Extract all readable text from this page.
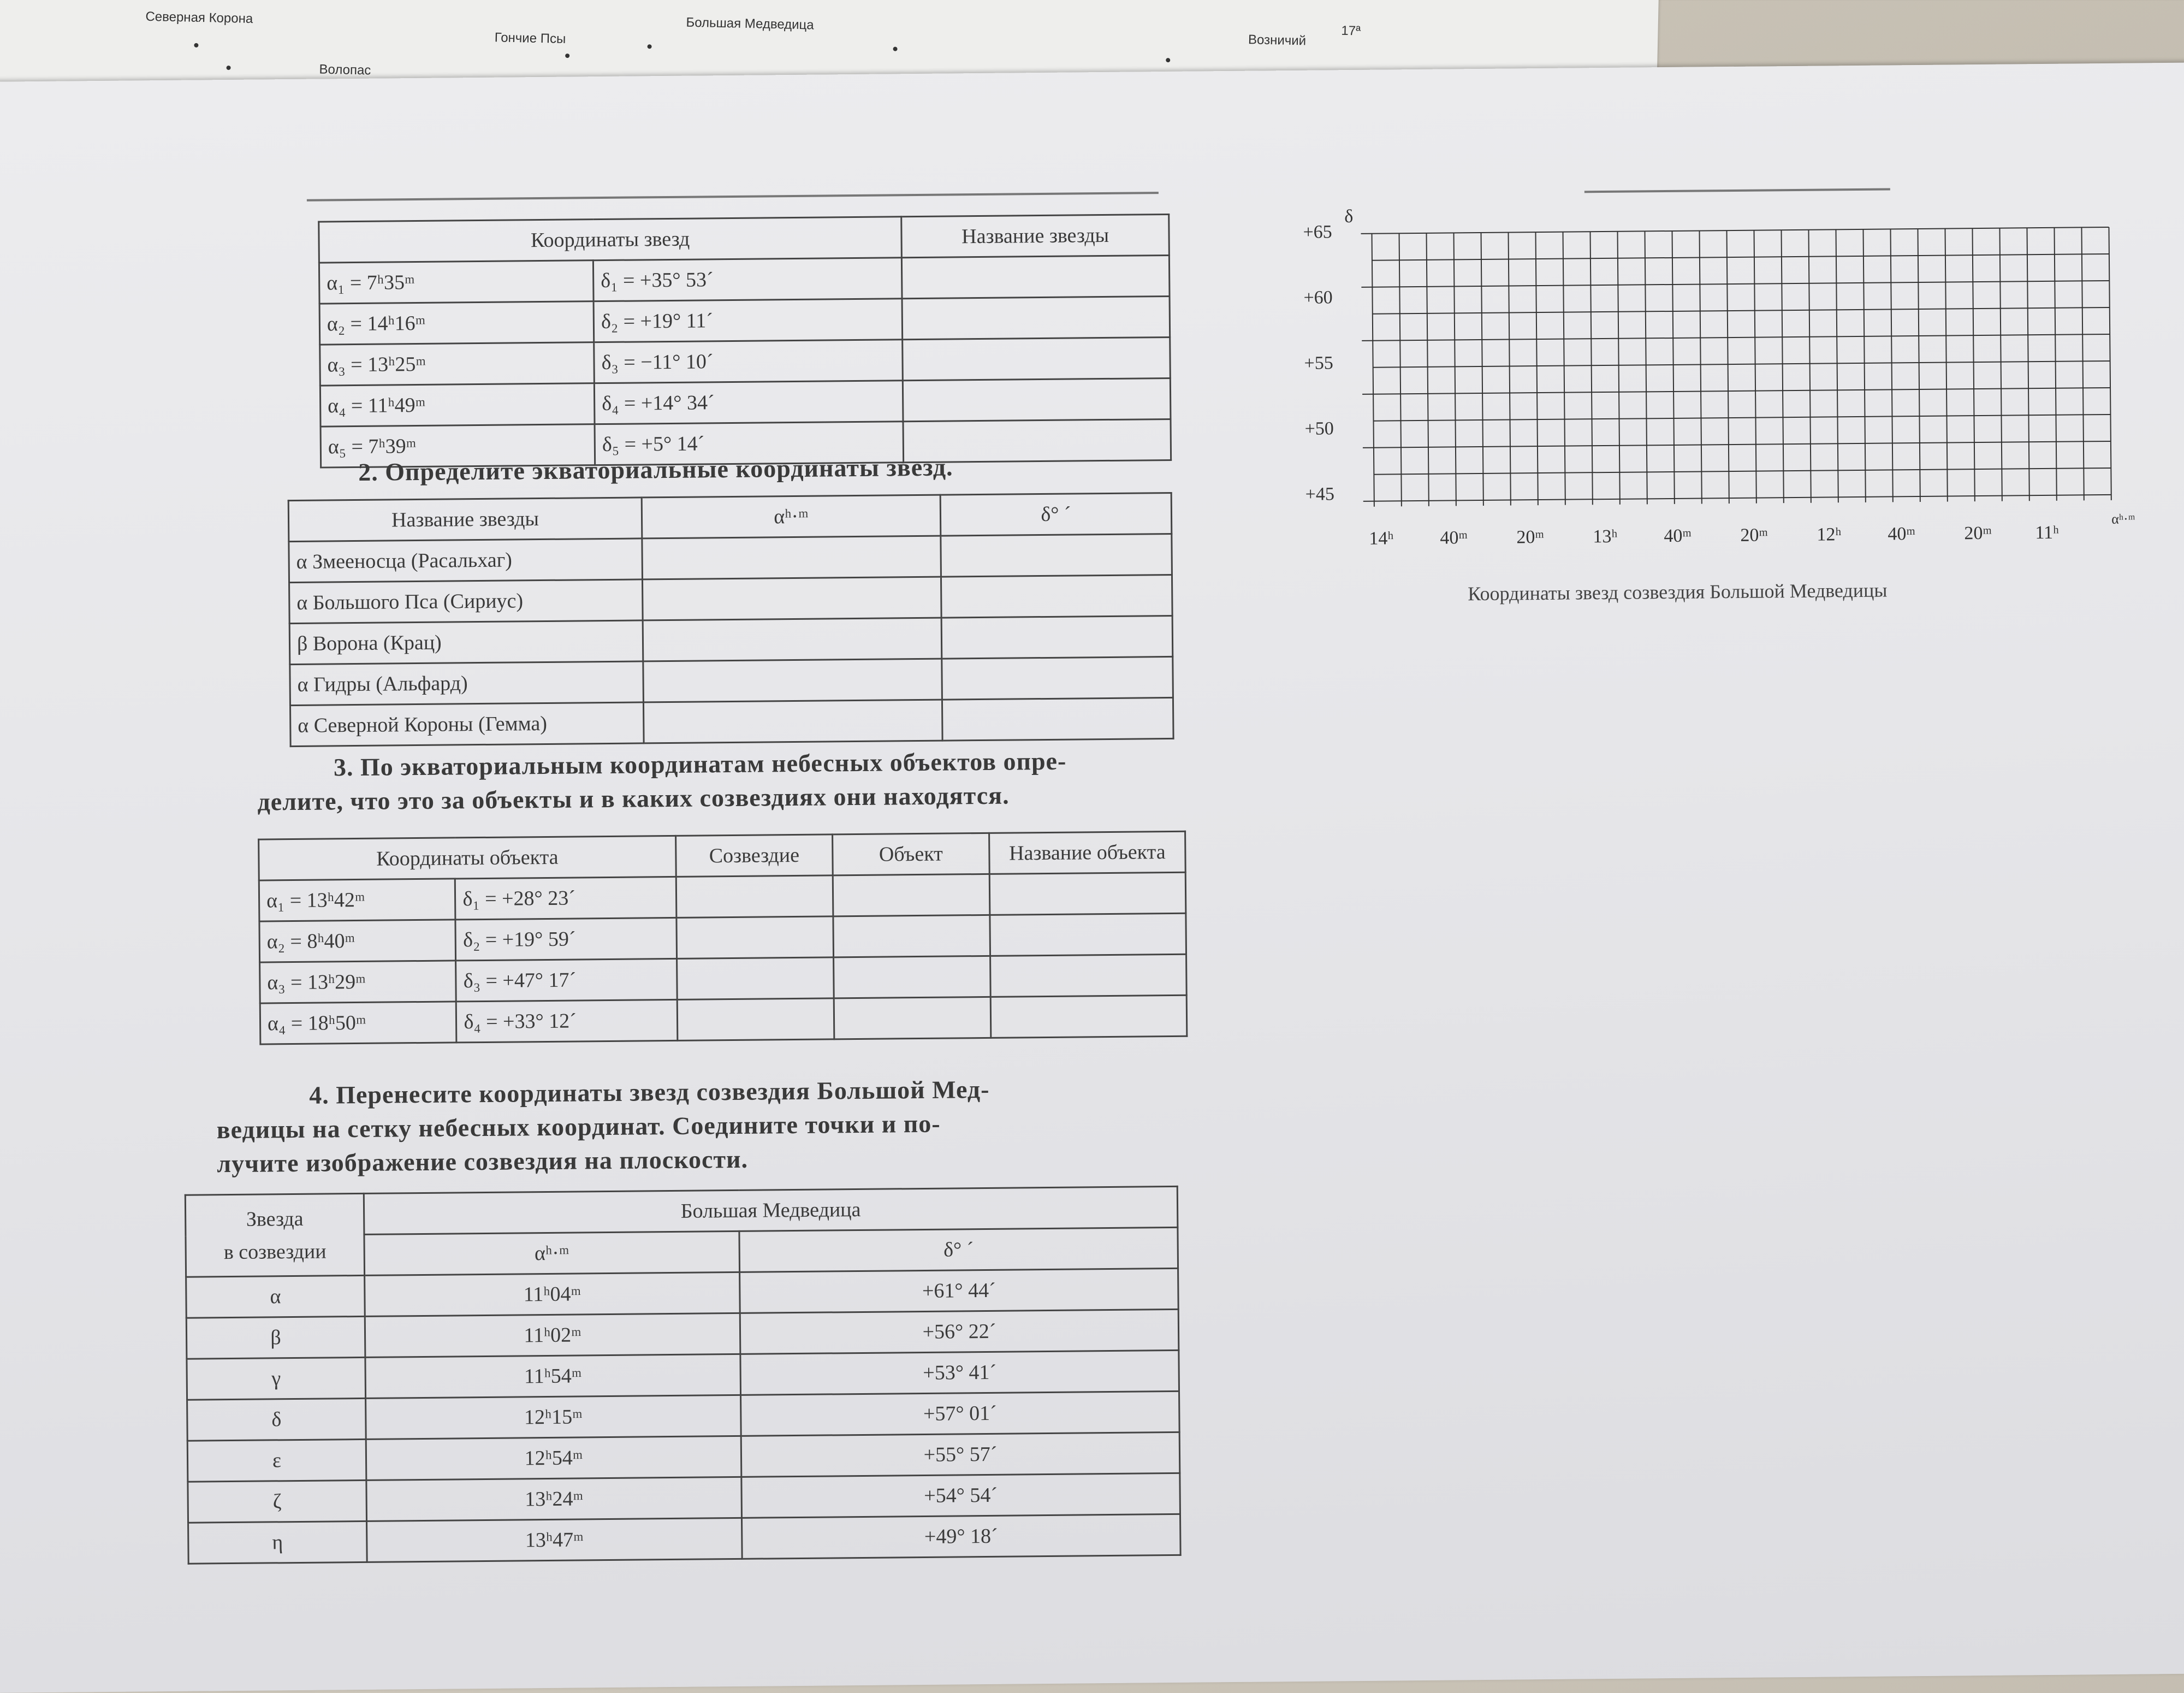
Северная Корона
Волопас
Гончие Псы
Большая Медведица
Возничий
17ª
Координаты звезд		Название звезды
α₁ = 7ʰ35ᵐ	δ₁ = +35° 53´	
α₂ = 14ʰ16ᵐ	δ₂ = +19° 11´	
α₃ = 13ʰ25ᵐ	δ₃ = −11° 10´	
α₄ = 11ʰ49ᵐ	δ₄ = +14° 34´	
α₅ = 7ʰ39ᵐ	δ₅ = +5° 14´	
2. Определите экваториальные координаты звезд.
Название звезды	αʰ·ᵐ	δ° ´
α Змееносца (Расальхаг)		
α Большого Пса (Сириус)		
β Ворона (Крац)		
α Гидры (Альфард)		
α Северной Короны (Гемма)		
3. По экваториальным координатам небесных объектов опре-
делите, что это за объекты и в каких созвездиях они находятся.
Координаты объекта		Созвездие	Объект	Название объекта
α₁ = 13ʰ42ᵐ	δ₁ = +28° 23´			
α₂ = 8ʰ40ᵐ	δ₂ = +19° 59´			
α₃ = 13ʰ29ᵐ	δ₃ = +47° 17´			
α₄ = 18ʰ50ᵐ	δ₄ = +33° 12´			
4. Перенесите координаты звезд созвездия Большой Мед-
ведицы на сетку небесных координат. Соедините точки и по-
лучите изображение созвездия на плоскости.
Звезда
в созвездии	Большая Медведица	
	αʰ·ᵐ	δ° ´
α	11ʰ04ᵐ	+61° 44´
β	11ʰ02ᵐ	+56° 22´
γ	11ʰ54ᵐ	+53° 41´
δ	12ʰ15ᵐ	+57° 01´
ε	12ʰ54ᵐ	+55° 57´
ζ	13ʰ24ᵐ	+54° 54´
η	13ʰ47ᵐ	+49° 18´
δ
+65
+60
+55
+50
+45
14ʰ 40ᵐ	20ᵐ	13ʰ 40ᵐ	20ᵐ	12ʰ 40ᵐ	20ᵐ 11ʰ
αʰ·ᵐ
Координаты звезд созвездия Большой Медведицы
